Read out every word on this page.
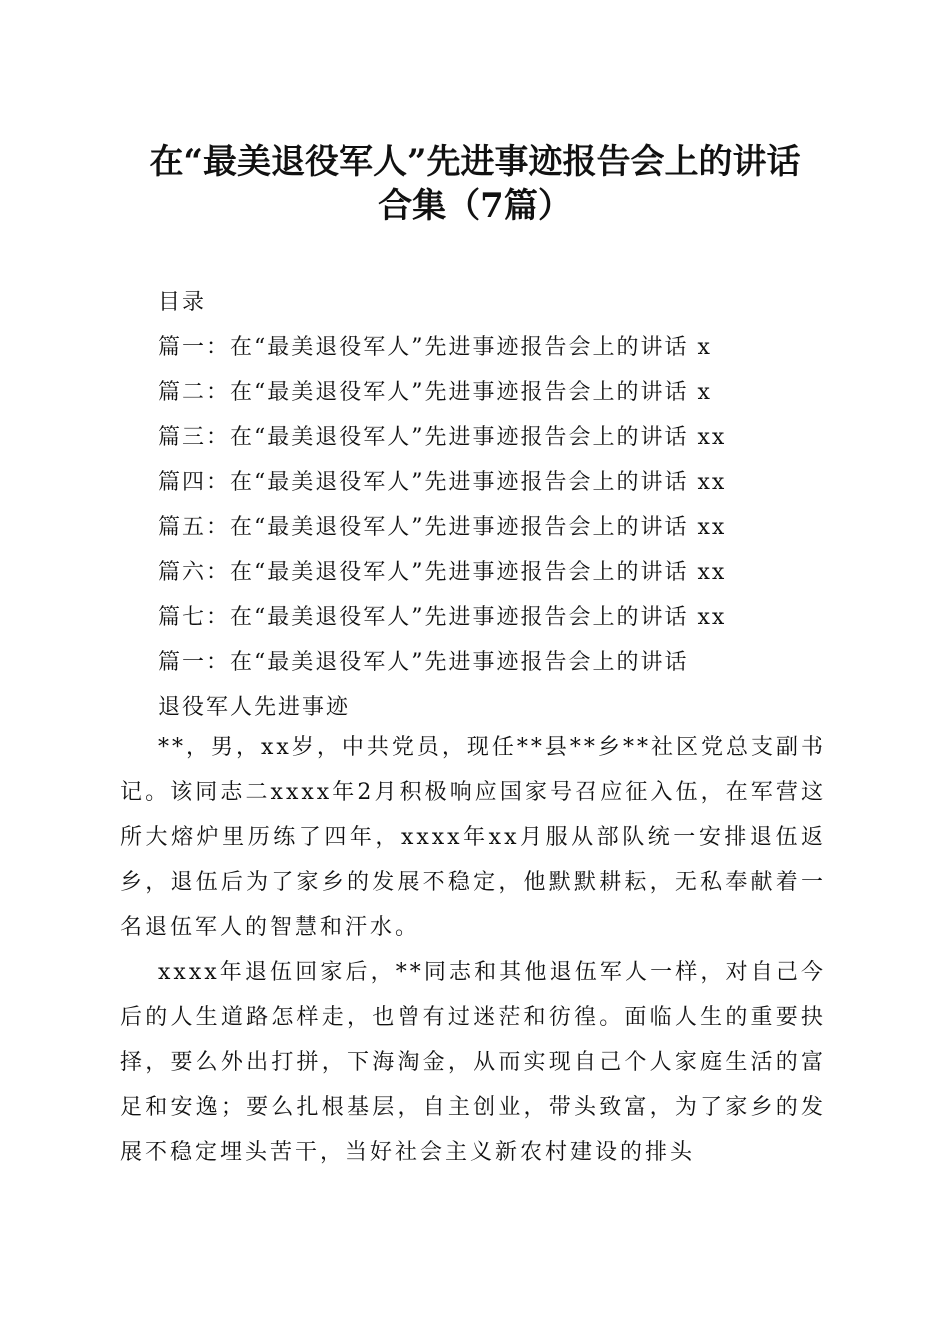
在“最美退役军人”先进事迹报告会上的讲话
合集（7篇）
目录
篇一：在“最美退役军人”先进事迹报告会上的讲话 x
篇二：在“最美退役军人”先进事迹报告会上的讲话 x
篇三：在“最美退役军人”先进事迹报告会上的讲话 xx
篇四：在“最美退役军人”先进事迹报告会上的讲话 xx
篇五：在“最美退役军人”先进事迹报告会上的讲话 xx
篇六：在“最美退役军人”先进事迹报告会上的讲话 xx
篇七：在“最美退役军人”先进事迹报告会上的讲话 xx
篇一：在“最美退役军人”先进事迹报告会上的讲话
退役军人先进事迹

**，男，xx岁，中共党员，现任**县**乡**社区党总支副书记。该同志二xxxx年2月积极响应国家号召应征入伍，在军营这所大熔炉里历练了四年，xxxx年xx月服从部队统一安排退伍返乡，退伍后为了家乡的发展不稳定，他默默耕耘，无私奉献着一名退伍军人的智慧和汗水。

xxxx年退伍回家后，**同志和其他退伍军人一样，对自己今后的人生道路怎样走，也曾有过迷茫和彷徨。面临人生的重要抉择，要么外出打拼，下海淘金，从而实现自己个人家庭生活的富足和安逸；要么扎根基层，自主创业，带头致富，为了家乡的发展不稳定埋头苦干，当好社会主义新农村建设的排头
